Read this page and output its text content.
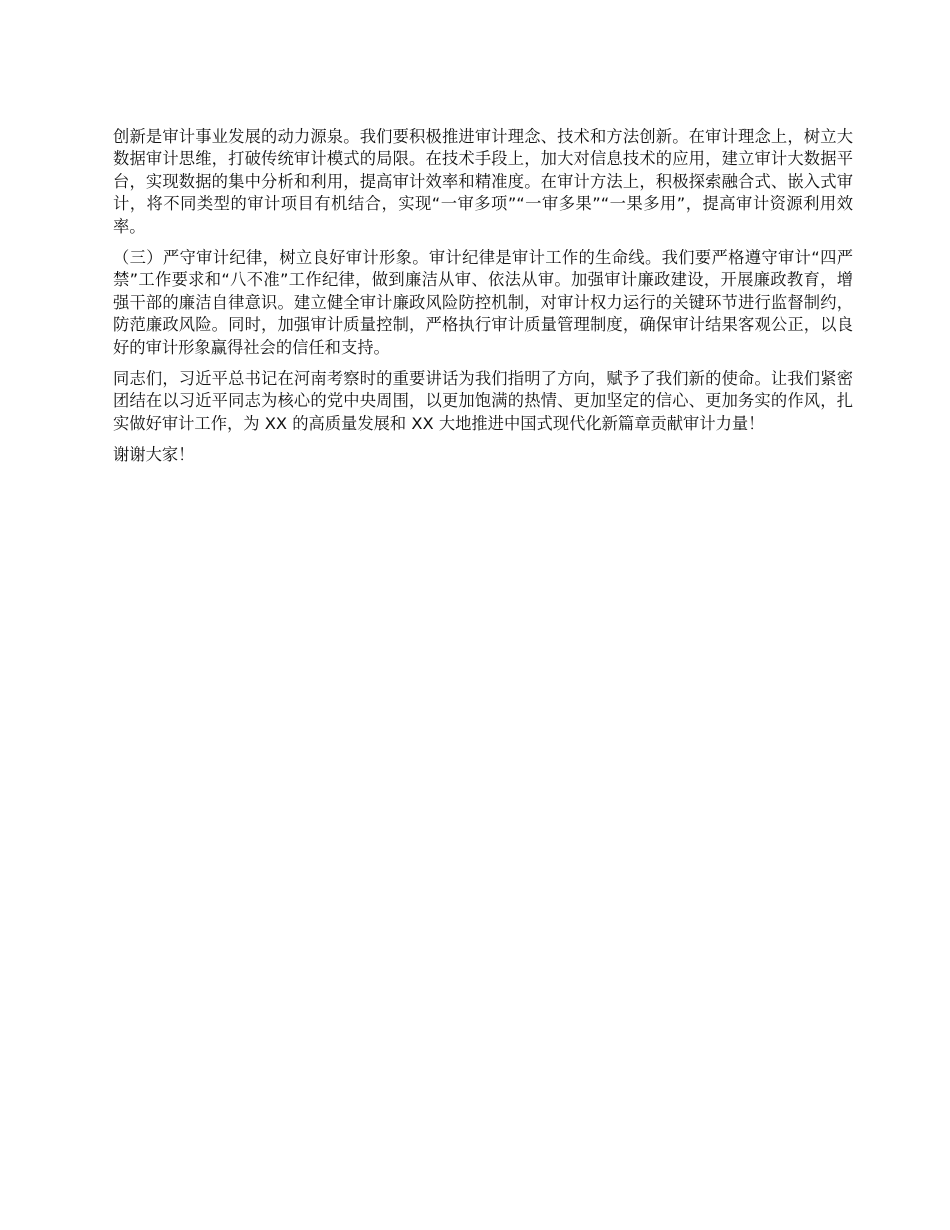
创新是审计事业发展的动力源泉。我们要积极推进审计理念、技术和方法创新。在审计理念上，树立大数据审计思维，打破传统审计模式的局限。在技术手段上，加大对信息技术的应用，建立审计大数据平台，实现数据的集中分析和利用，提高审计效率和精准度。在审计方法上，积极探索融合式、嵌入式审计，将不同类型的审计项目有机结合，实现“一审多项”“一审多果”“一果多用”，提高审计资源利用效率。

（三）严守审计纪律，树立良好审计形象。审计纪律是审计工作的生命线。我们要严格遵守审计“四严禁”工作要求和“八不准”工作纪律，做到廉洁从审、依法从审。加强审计廉政建设，开展廉政教育，增强干部的廉洁自律意识。建立健全审计廉政风险防控机制，对审计权力运行的关键环节进行监督制约，防范廉政风险。同时，加强审计质量控制，严格执行审计质量管理制度，确保审计结果客观公正，以良好的审计形象赢得社会的信任和支持。

同志们，习近平总书记在河南考察时的重要讲话为我们指明了方向，赋予了我们新的使命。让我们紧密团结在以习近平同志为核心的党中央周围，以更加饱满的热情、更加坚定的信心、更加务实的作风，扎实做好审计工作，为 XX 的高质量发展和 XX 大地推进中国式现代化新篇章贡献审计力量！

谢谢大家！
